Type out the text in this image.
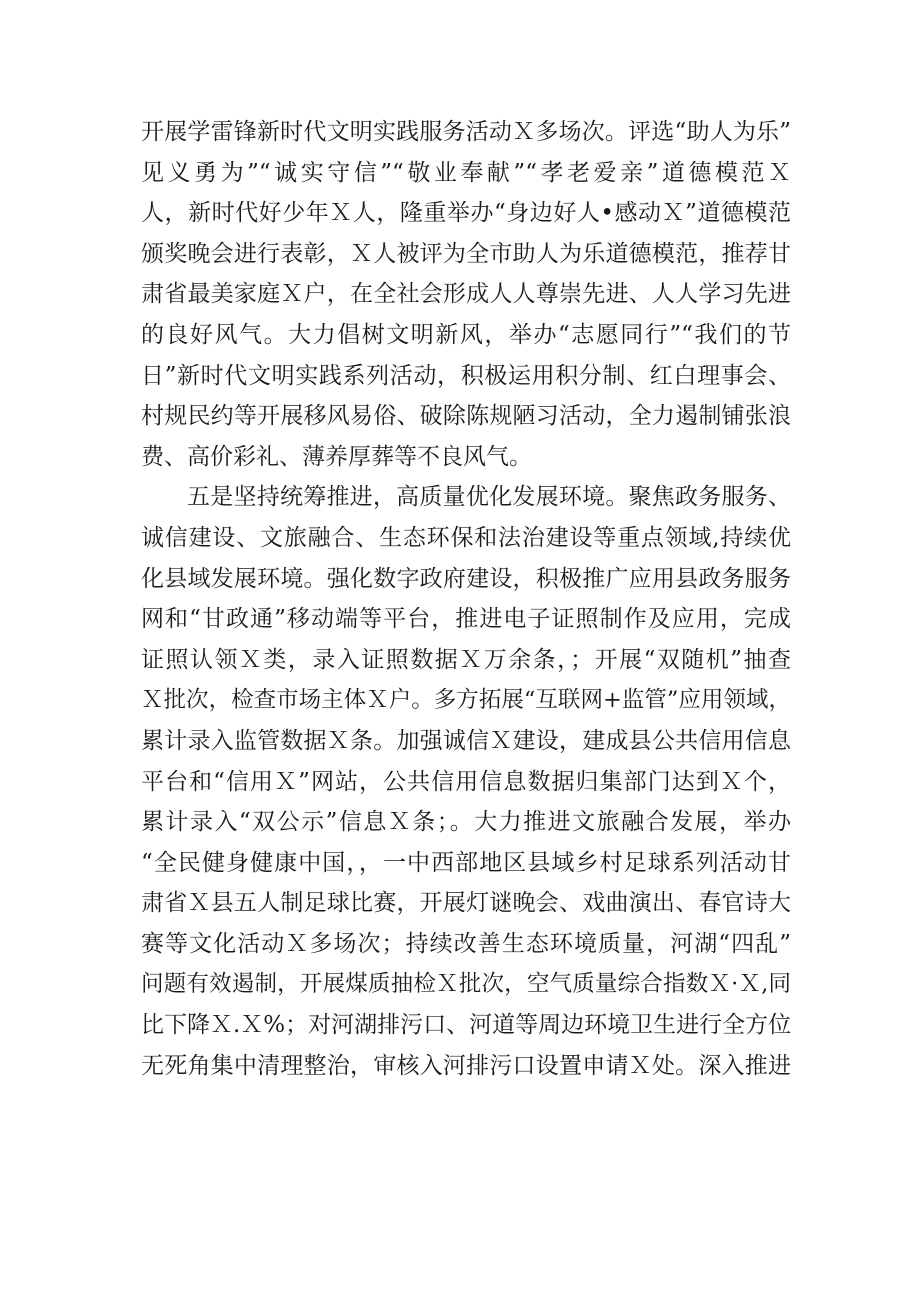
开展学雷锋新时代文明实践服务活动Ｘ多场次。评选“助人为乐”
见义勇为”“诚实守信”“敬业奉献”“孝老爱亲”道德模范Ｘ
人，新时代好少年Ｘ人，隆重举办“身边好人•感动Ｘ”道德模范
颁奖晚会进行表彰，Ｘ人被评为全市助人为乐道德模范，推荐甘
肃省最美家庭Ｘ户，在全社会形成人人尊崇先进、人人学习先进
的良好风气。大力倡树文明新风，举办“志愿同行”“我们的节
日”新时代文明实践系列活动，积极运用积分制、红白理事会、
村规民约等开展移风易俗、破除陈规陋习活动，全力遏制铺张浪
费、高价彩礼、薄养厚葬等不良风气。
五是坚持统筹推进，高质量优化发展环境。聚焦政务服务、
诚信建设、文旅融合、生态环保和法治建设等重点领域,持续优
化县域发展环境。强化数字政府建设，积极推广应用县政务服务
网和“甘政通”移动端等平台，推进电子证照制作及应用，完成
证照认领Ｘ类，录入证照数据Ｘ万余条，；开展“双随机”抽查
Ｘ批次，检查市场主体Ｘ户。多方拓展“互联网+监管”应用领域，
累计录入监管数据Ｘ条。加强诚信Ｘ建设，建成县公共信用信息
平台和“信用Ｘ”网站，公共信用信息数据归集部门达到Ｘ个，
累计录入“双公示”信息Ｘ条；。大力推进文旅融合发展，举办
“全民健身健康中国，，一中西部地区县域乡村足球系列活动甘
肃省Ｘ县五人制足球比赛，开展灯谜晚会、戏曲演出、春官诗大
赛等文化活动Ｘ多场次；持续改善生态环境质量，河湖“四乱”
问题有效遏制，开展煤质抽检Ｘ批次，空气质量综合指数Ｘ·Ｘ,同
比下降Ｘ.Ｘ%；对河湖排污口、河道等周边环境卫生进行全方位
无死角集中清理整治，审核入河排污口设置申请Ｘ处。深入推进
